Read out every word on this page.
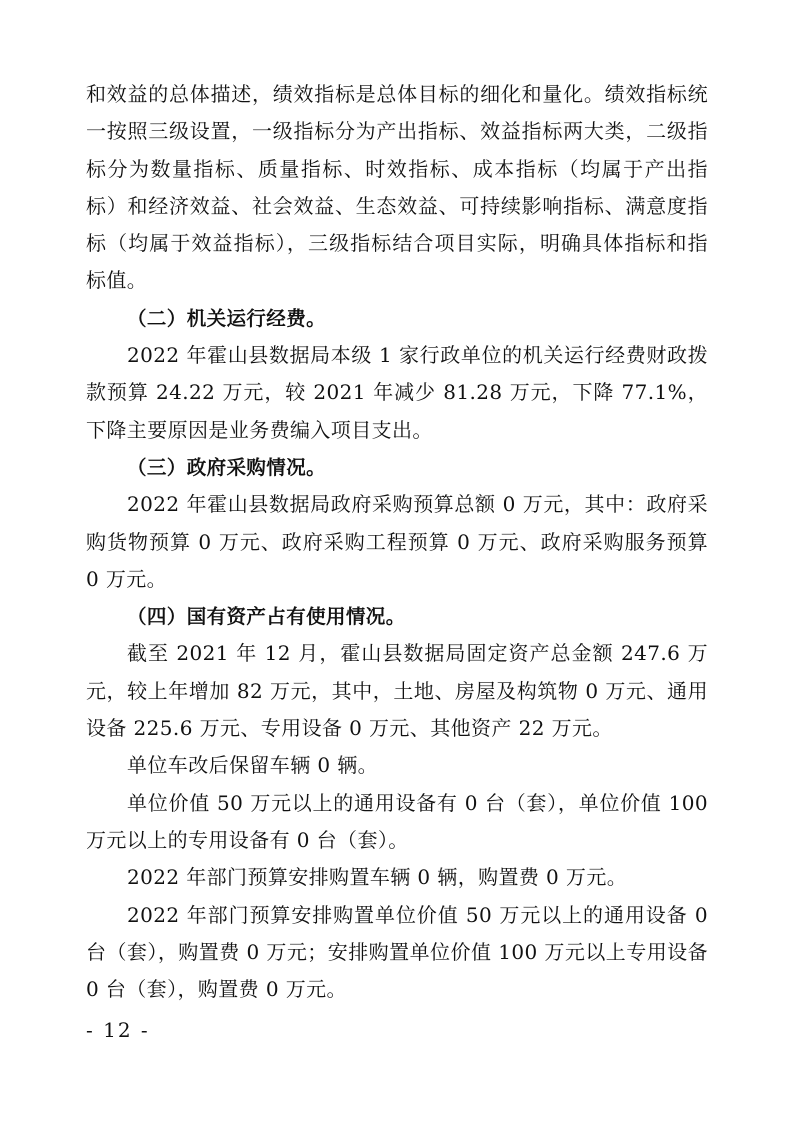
和效益的总体描述，绩效指标是总体目标的细化和量化。绩效指标统一按照三级设置，一级指标分为产出指标、效益指标两大类，二级指标分为数量指标、质量指标、时效指标、成本指标（均属于产出指标）和经济效益、社会效益、生态效益、可持续影响指标、满意度指标（均属于效益指标），三级指标结合项目实际，明确具体指标和指标值。

（二）机关运行经费。

2022 年霍山县数据局本级 1 家行政单位的机关运行经费财政拨款预算 24.22 万元，较 2021 年减少 81.28 万元，下降 77.1%，下降主要原因是业务费编入项目支出。

（三）政府采购情况。

2022 年霍山县数据局政府采购预算总额 0 万元，其中：政府采购货物预算 0 万元、政府采购工程预算 0 万元、政府采购服务预算 0 万元。

（四）国有资产占有使用情况。

截至 2021 年 12 月，霍山县数据局固定资产总金额 247.6 万元，较上年增加 82 万元，其中，土地、房屋及构筑物 0 万元、通用设备 225.6 万元、专用设备 0 万元、其他资产 22 万元。

单位车改后保留车辆 0 辆。

单位价值 50 万元以上的通用设备有 0 台（套），单位价值 100 万元以上的专用设备有 0 台（套）。

2022 年部门预算安排购置车辆 0 辆，购置费 0 万元。

2022 年部门预算安排购置单位价值 50 万元以上的通用设备 0 台（套），购置费 0 万元；安排购置单位价值 100 万元以上专用设备 0 台（套），购置费 0 万元。

- 12 -
